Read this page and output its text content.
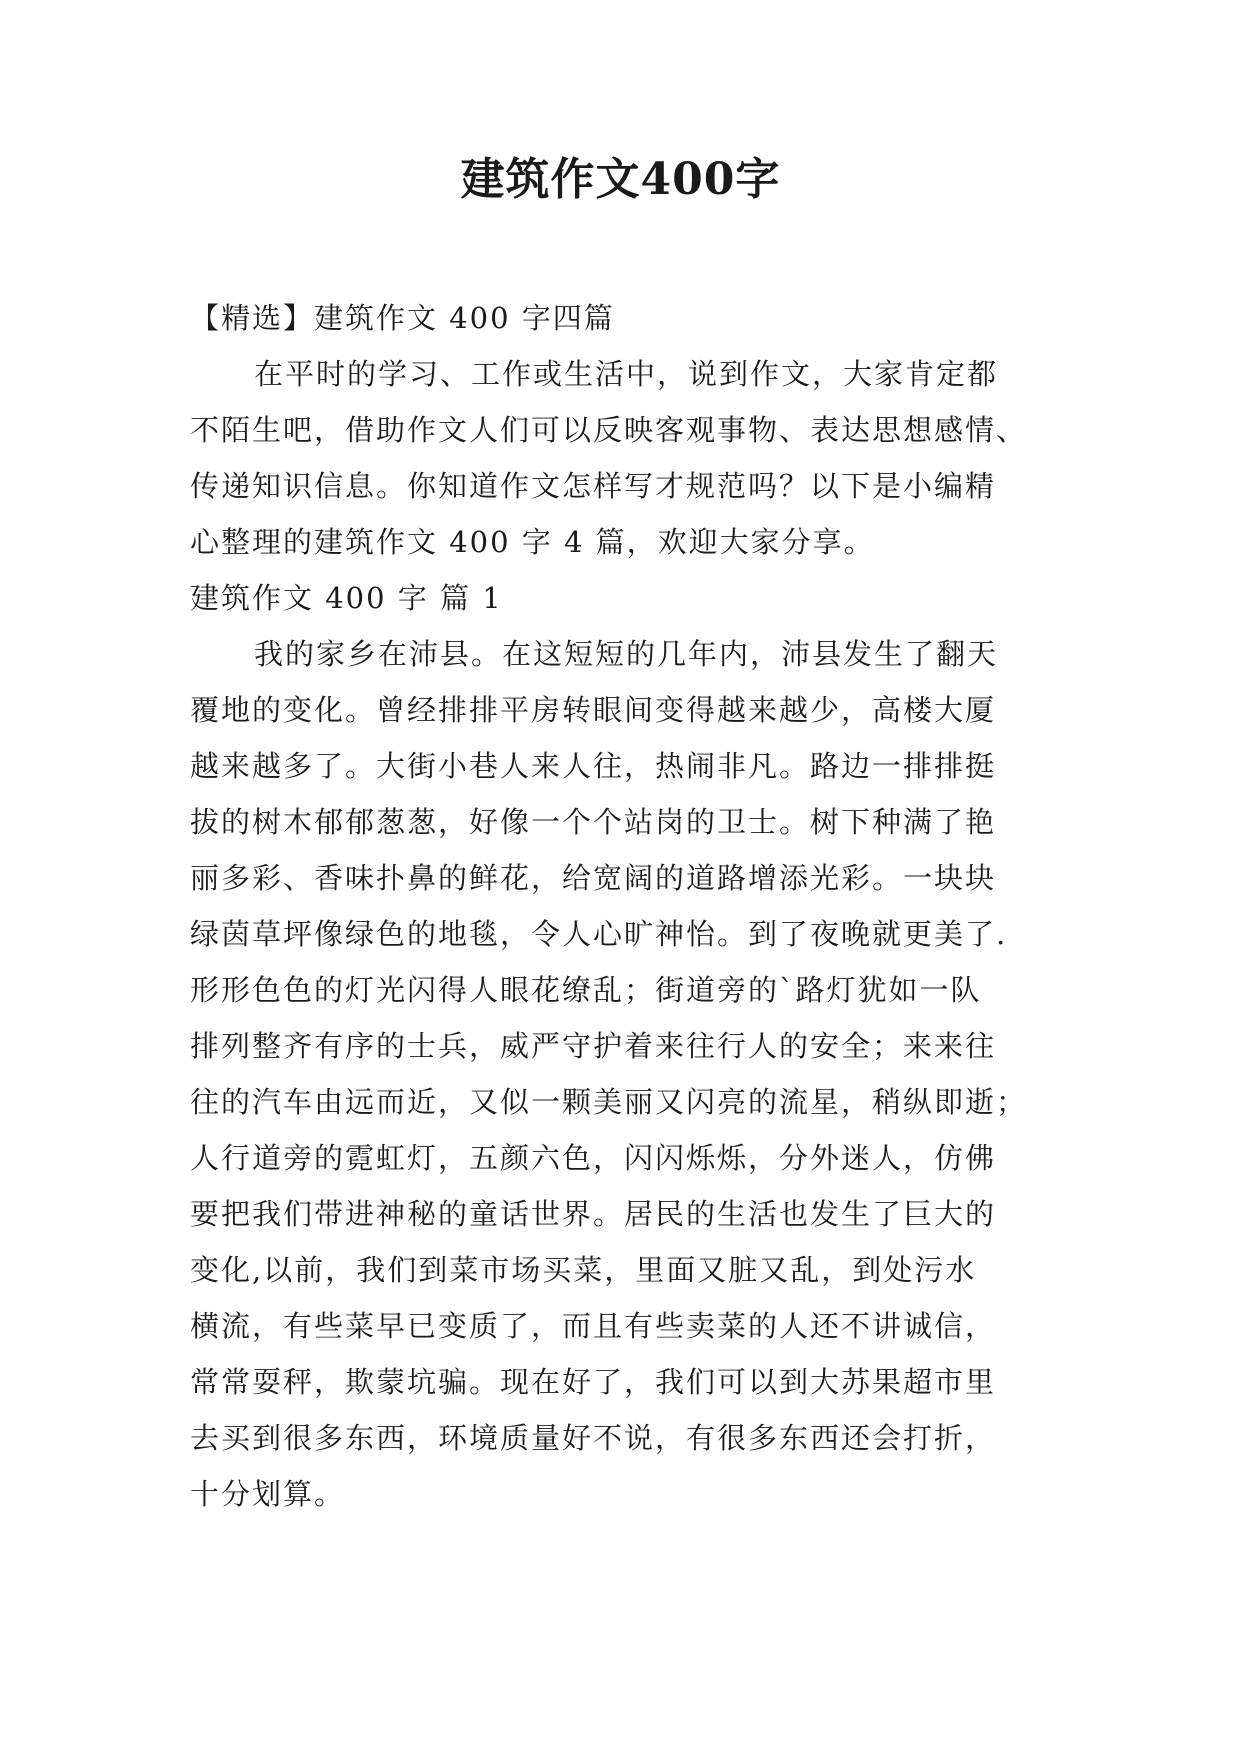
建筑作文400字

【精选】建筑作文 400 字四篇

在平时的学习、工作或生活中，说到作文，大家肯定都

不陌生吧，借助作文人们可以反映客观事物、表达思想感情、

传递知识信息。你知道作文怎样写才规范吗？以下是小编精

心整理的建筑作文 400 字 4 篇，欢迎大家分享。

建筑作文 400 字 篇 1

我的家乡在沛县。在这短短的几年内，沛县发生了翻天

覆地的变化。曾经排排平房转眼间变得越来越少，高楼大厦

越来越多了。大街小巷人来人往，热闹非凡。路边一排排挺

拔的树木郁郁葱葱，好像一个个站岗的卫士。树下种满了艳

丽多彩、香味扑鼻的鲜花，给宽阔的道路增添光彩。一块块

绿茵草坪像绿色的地毯，令人心旷神怡。到了夜晚就更美了.

形形色色的灯光闪得人眼花缭乱；街道旁的`路灯犹如一队

排列整齐有序的士兵，威严守护着来往行人的安全；来来往

往的汽车由远而近，又似一颗美丽又闪亮的流星，稍纵即逝；

人行道旁的霓虹灯，五颜六色，闪闪烁烁，分外迷人，仿佛

要把我们带进神秘的童话世界。居民的生活也发生了巨大的

变化,以前，我们到菜市场买菜，里面又脏又乱，到处污水

横流，有些菜早已变质了，而且有些卖菜的人还不讲诚信，

常常耍秤，欺蒙坑骗。现在好了，我们可以到大苏果超市里

去买到很多东西，环境质量好不说，有很多东西还会打折，

十分划算。
